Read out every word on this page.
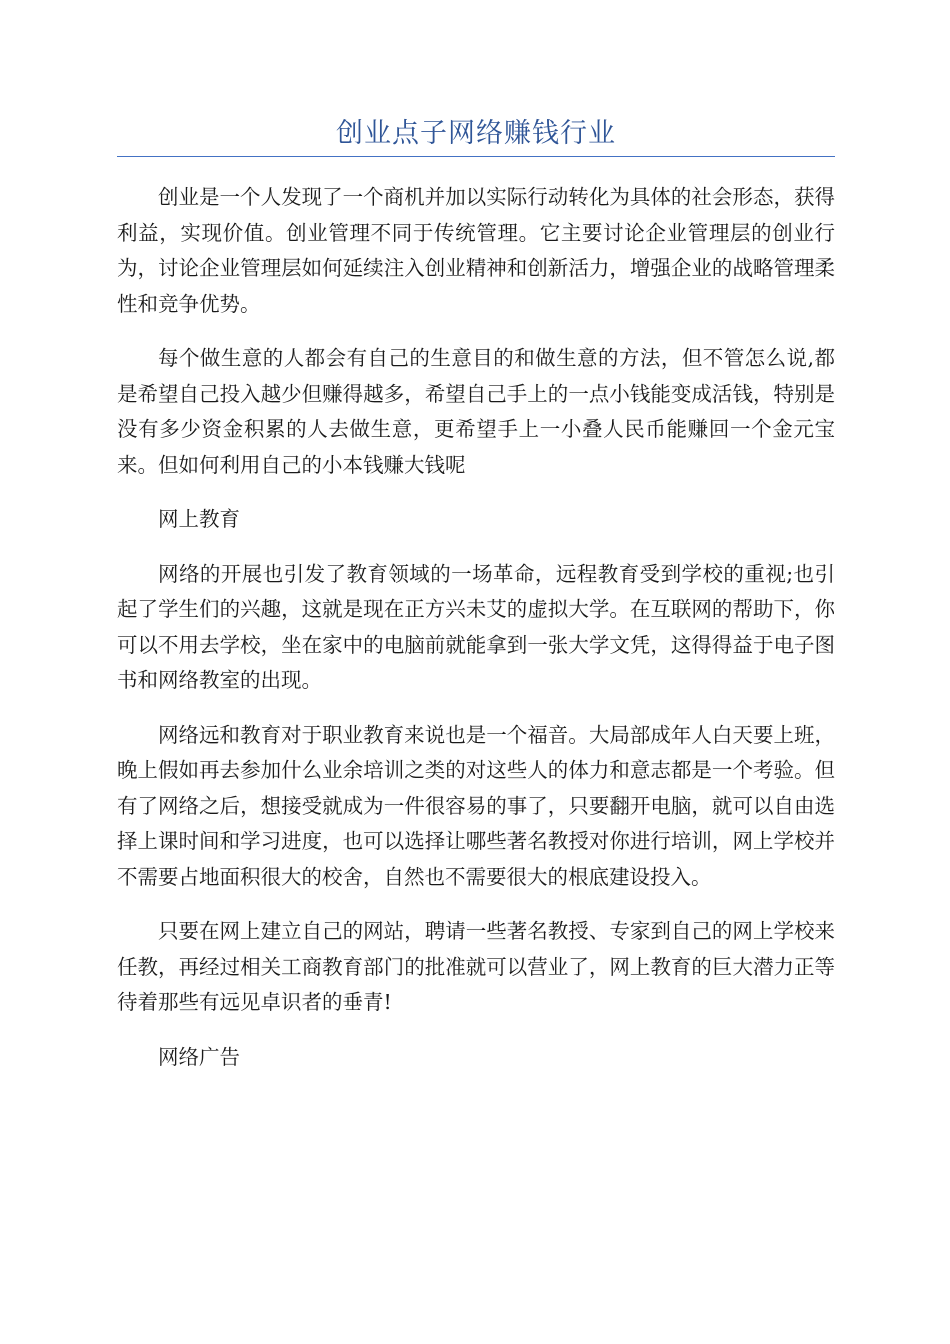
创业点子网络赚钱行业

创业是一个人发现了一个商机并加以实际行动转化为具体的社会形态，获得利益，实现价值。创业管理不同于传统管理。它主要讨论企业管理层的创业行为，讨论企业管理层如何延续注入创业精神和创新活力，增强企业的战略管理柔性和竞争优势。

每个做生意的人都会有自己的生意目的和做生意的方法，但不管怎么说,都是希望自己投入越少但赚得越多，希望自己手上的一点小钱能变成活钱，特别是没有多少资金积累的人去做生意，更希望手上一小叠人民币能赚回一个金元宝来。但如何利用自己的小本钱赚大钱呢

网上教育

网络的开展也引发了教育领域的一场革命，远程教育受到学校的重视;也引起了学生们的兴趣，这就是现在正方兴未艾的虚拟大学。在互联网的帮助下，你可以不用去学校，坐在家中的电脑前就能拿到一张大学文凭，这得得益于电子图书和网络教室的出现。

网络远和教育对于职业教育来说也是一个福音。大局部成年人白天要上班，晚上假如再去参加什么业余培训之类的对这些人的体力和意志都是一个考验。但有了网络之后，想接受就成为一件很容易的事了，只要翻开电脑，就可以自由选择上课时间和学习进度，也可以选择让哪些著名教授对你进行培训，网上学校并不需要占地面积很大的校舍，自然也不需要很大的根底建设投入。

只要在网上建立自己的网站，聘请一些著名教授、专家到自己的网上学校来任教，再经过相关工商教育部门的批准就可以营业了，网上教育的巨大潜力正等待着那些有远见卓识者的垂青!

网络广告
